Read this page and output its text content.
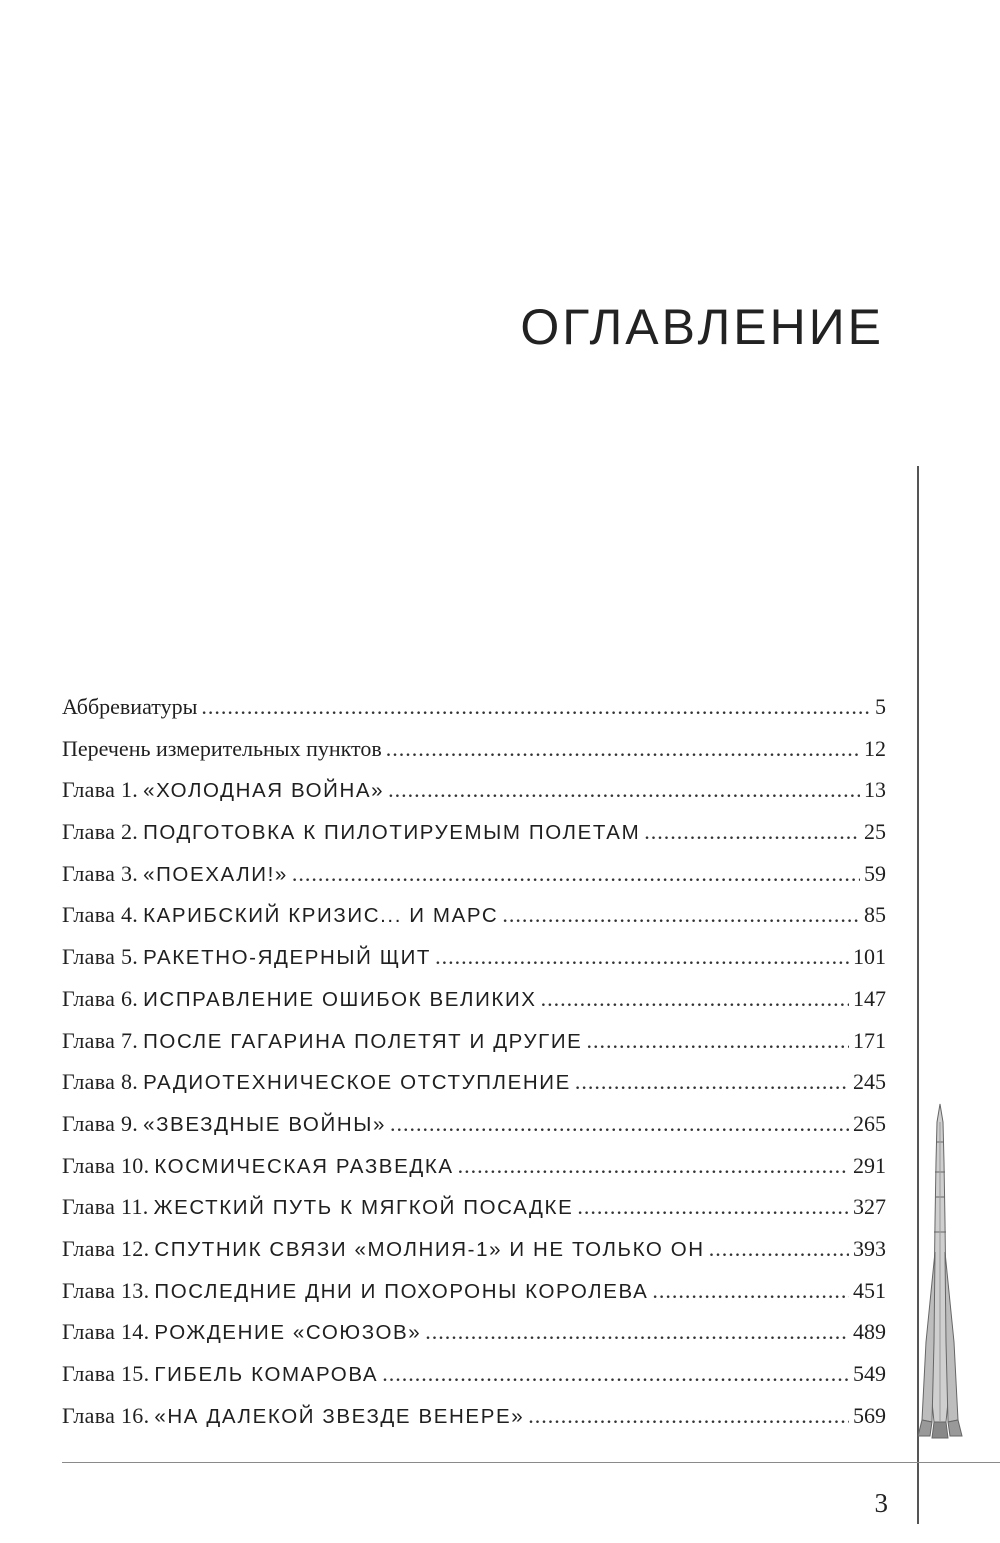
ОГЛАВЛЕНИЕ
Аббревиатуры .....	5
Перечень измерительных пунктов .....	12
Глава 1. «ХОЛОДНАЯ ВОЙНА» .....	13
Глава 2. ПОДГОТОВКА К ПИЛОТИРУЕМЫМ ПОЛЕТАМ .....	25
Глава 3. «ПОЕХАЛИ!» .....	59
Глава 4. КАРИБСКИЙ КРИЗИС... И МАРС .....	85
Глава 5. РАКЕТНО-ЯДЕРНЫЙ ЩИТ .....	101
Глава 6. ИСПРАВЛЕНИЕ ОШИБОК ВЕЛИКИХ .....	147
Глава 7. ПОСЛЕ ГАГАРИНА ПОЛЕТЯТ И ДРУГИЕ .....	171
Глава 8. РАДИОТЕХНИЧЕСКОЕ ОТСТУПЛЕНИЕ .....	245
Глава 9. «ЗВЕЗДНЫЕ ВОЙНЫ» .....	265
Глава 10. КОСМИЧЕСКАЯ РАЗВЕДКА .....	291
Глава 11. ЖЕСТКИЙ ПУТЬ К МЯГКОЙ ПОСАДКЕ .....	327
Глава 12. СПУТНИК СВЯЗИ «МОЛНИЯ-1» И НЕ ТОЛЬКО ОН .....	393
Глава 13. ПОСЛЕДНИЕ ДНИ И ПОХОРОНЫ КОРОЛЕВА .....	451
Глава 14. РОЖДЕНИЕ «СОЮЗОВ» .....	489
Глава 15. ГИБЕЛЬ КОМАРОВА .....	549
Глава 16. «НА ДАЛЕКОЙ ЗВЕЗДЕ ВЕНЕРЕ» .....	569
3
